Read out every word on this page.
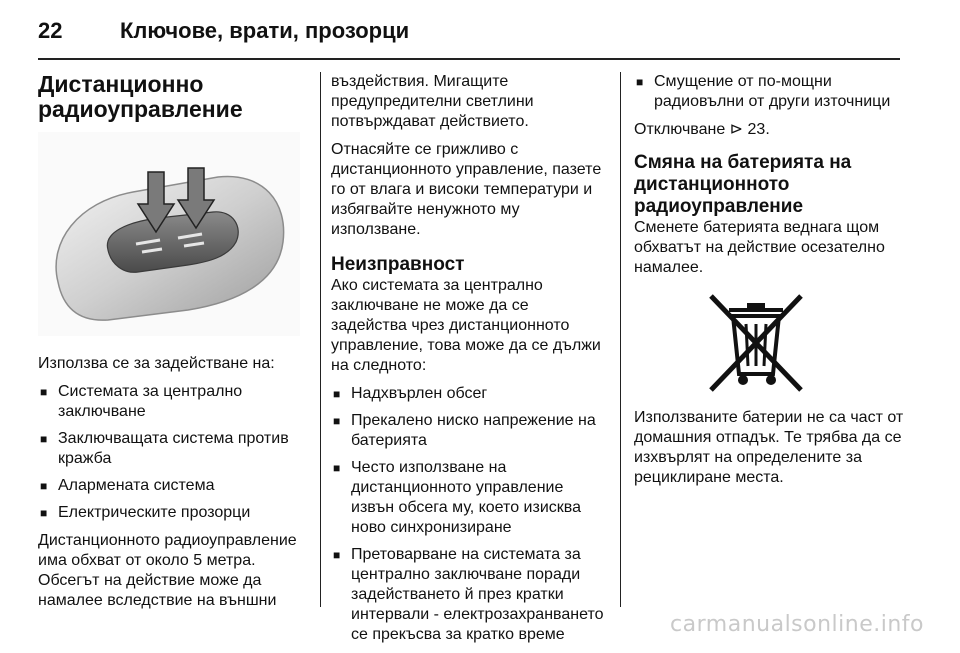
22	Ключове, врати, прозорци
Дистанционно радиоуправление

Използва се за задействане на:

■ Системата за централно заключване
■ Заключващата система против кражба
■ Алармената система
■ Електрическите прозорци

Дистанционното радиоуправление има обхват от около 5 метра. Обсегът на действие може да намалее вследствие на външни

въздействия. Мигащите предупредителни светлини потвърждават действието.

Отнасяйте се грижливо с дистанционното управление, пазете го от влага и високи температури и избягвайте ненужното му използване.

Неизправност

Ако системата за централно заключване не може да се задейства чрез дистанционното управление, това може да се дължи на следното:

■ Надхвърлен обсег
■ Прекалено ниско напрежение на батерията
■ Често използване на дистанционното управление извън обсега му, което изисква ново синхронизиране
■ Претоварване на системата за централно заключване поради задействането й през кратки интервали - електрозахранването се прекъсва за кратко време
■ Смущение от по-мощни радиовълни от други източници

Отключване ⊳ 23.

Смяна на батерията на дистанционното радиоуправление

Сменете батерията веднага щом обхватът на действие осезателно намалее.

Използваните батерии не са част от домашния отпадък. Те трябва да се изхвърлят на определените за рециклиране места.

carmanualsonline.info
